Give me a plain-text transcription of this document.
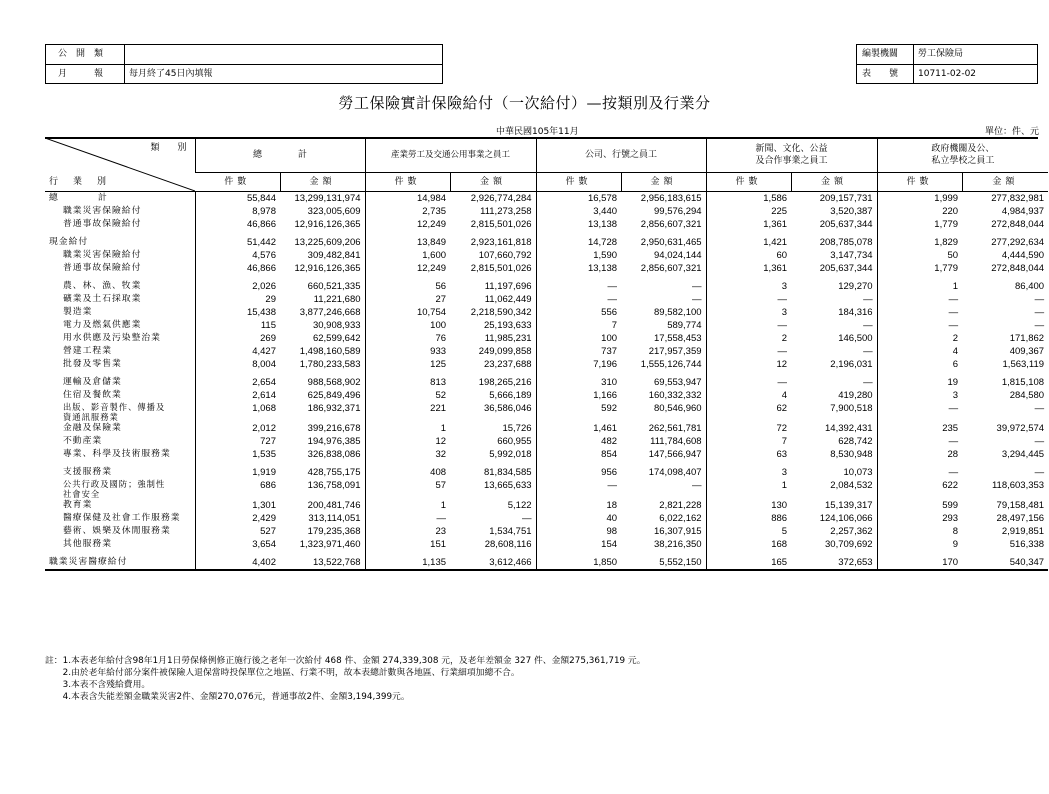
公　開　類
月　　　報	每月終了45日內填報
編製機關 勞工保險局
表　　號 10711-02-02
勞工保險實計保險給付（一次給付）—按類別及行業分
中華民國105年11月	單位：件、元
類　　別
行　業　別	總　　　　計		產業勞工及交通公用事業之員工		公司、行號之員工		新聞、文化、公益
及合作事業之員工		政府機關及公、
私立學校之員工	
	件數	金額	件數	金額	件數	金額	件數	金額	件數	金額
總　　　　計	55,844	13,299,131,974	14,984	2,926,774,284	16,578	2,956,183,615	1,586	209,157,731	1,999	277,832,981
職業災害保險給付	8,978	323,005,609	2,735	111,273,258	3,440	99,576,294	225	3,520,387	220	4,984,937
普通事故保險給付	46,866	12,916,126,365	12,249	2,815,501,026	13,138	2,856,607,321	1,361	205,637,344	1,779	272,848,044

現金給付	51,442	13,225,609,206	13,849	2,923,161,818	14,728	2,950,631,465	1,421	208,785,078	1,829	277,292,634
職業災害保險給付	4,576	309,482,841	1,600	107,660,792	1,590	94,024,144	60	3,147,734	50	4,444,590
普通事故保險給付	46,866	12,916,126,365	12,249	2,815,501,026	13,138	2,856,607,321	1,361	205,637,344	1,779	272,848,044

農、林、漁、牧業	2,026	660,521,335	56	11,197,696	—	—	3	129,270	1	86,400
礦業及土石採取業	29	11,221,680	27	11,062,449	—	—	—	—	—	—
製造業	15,438	3,877,246,668	10,754	2,218,590,342	556	89,582,100	3	184,316	—	—
電力及燃氣供應業	115	30,908,933	100	25,193,633	7	589,774	—	—	—	—
用水供應及污染整治業	269	62,599,642	76	11,985,231	100	17,558,453	2	146,500	2	171,862
營建工程業	4,427	1,498,160,589	933	249,099,858	737	217,957,359	—	—	4	409,367
批發及零售業	8,004	1,780,233,583	125	23,237,688	7,196	1,555,126,744	12	2,196,031	6	1,563,119

運輸及倉儲業	2,654	988,568,902	813	198,265,216	310	69,553,947	—	—	19	1,815,108
住宿及餐飲業	2,614	625,849,496	52	5,666,189	1,166	160,332,332	4	419,280	3	284,580
出版、影音製作、傳播及
資通訊服務業	1,068	186,932,371	221	36,586,046	592	80,546,960	62	7,900,518	—	—
金融及保險業	2,012	399,216,678	1	15,726	1,461	262,561,781	72	14,392,431	235	39,972,574
不動產業	727	194,976,385	12	660,955	482	111,784,608	7	628,742	—	—
專業、科學及技術服務業	1,535	326,838,086	32	5,992,018	854	147,566,947	63	8,530,948	28	3,294,445

支援服務業	1,919	428,755,175	408	81,834,585	956	174,098,407	3	10,073	—	—
公共行政及國防；強制性
社會安全	686	136,758,091	57	13,665,633	—	—	1	2,084,532	622	118,603,353
教育業	1,301	200,481,746	1	5,122	18	2,821,228	130	15,139,317	599	79,158,481
醫療保健及社會工作服務業	2,429	313,114,051	—	—	40	6,022,162	886	124,106,066	293	28,497,156
藝術、娛樂及休閒服務業	527	179,235,368	23	1,534,751	98	16,307,915	5	2,257,362	8	2,919,851
其他服務業	3,654	1,323,971,460	151	28,608,116	154	38,216,350	168	30,709,692	9	516,338

職業災害醫療給付	4,402	13,522,768	1,135	3,612,466	1,850	5,552,150	165	372,653	170	540,347
註：1.本表老年給付含98年1月1日勞保條例修正施行後之老年一次給付 468 件、金額 274,339,308 元，及老年差額金 327 件、金額275,361,719 元。
　　2.由於老年給付部分案件被保險人退保當時投保單位之地區、行業不明，故本表總計數與各地區、行業細項加總不合。
　　3.本表不含殘給費用。
　　4.本表含失能差額金職業災害2件、金額270,076元，普通事故2件、金額3,194,399元。
